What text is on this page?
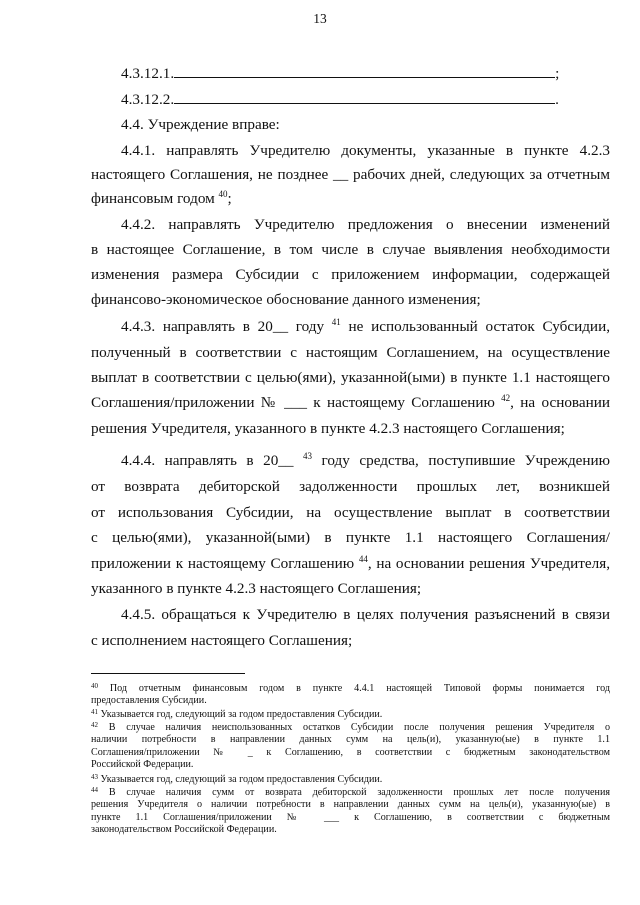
13
4.3.12.1.	;
4.3.12.2.	.
4.4. Учреждение вправе:
4.4.1. направлять Учредителю документы, указанные в пункте 4.2.3
настоящего Соглашения, не позднее __ рабочих дней, следующих за отчетным
финансовым годом $^{40}$;
4.4.2. направлять Учредителю предложения о внесении изменений
в настоящее Соглашение, в том числе в случае выявления необходимости
изменения размера Субсидии с приложением информации, содержащей
финансово-экономическое обоснование данного изменения;
4.4.3. направлять в 20__ году $^{41}$ не использованный остаток Субсидии,
полученный в соответствии с настоящим Соглашением, на осуществление
выплат в соответствии с целью(ями), указанной(ыми) в пункте 1.1 настоящего
Соглашения/приложении № ___ к настоящему Соглашению $^{42}$, на основании
решения Учредителя, указанного в пункте 4.2.3 настоящего Соглашения;
4.4.4. направлять в 20__ $^{43}$ году средства, поступившие Учреждению
от возврата дебиторской задолженности прошлых лет, возникшей
от использования Субсидии, на осуществление выплат в соответствии
с целью(ями), указанной(ыми) в пункте 1.1 настоящего Соглашения/
приложении к настоящему Соглашению $^{44}$, на основании решения Учредителя,
указанного в пункте 4.2.3 настоящего Соглашения;
4.4.5. обращаться к Учредителю в целях получения разъяснений в связи
с исполнением настоящего Соглашения;
$^{40}$ Под отчетным финансовым годом в пункте 4.4.1 настоящей Типовой формы понимается год
предоставления Субсидии.
$^{41}$ Указывается год, следующий за годом предоставления Субсидии.
$^{42}$ В случае наличия неиспользованных остатков Субсидии после получения решения Учредителя о
наличии потребности в направлении данных сумм на цель(и), указанную(ые) в пункте 1.1
Соглашения/приложении № _ к Соглашению, в соответствии с бюджетным законодательством
Российской Федерации.
$^{43}$ Указывается год, следующий за годом предоставления Субсидии.
$^{44}$ В случае наличия сумм от возврата дебиторской задолженности прошлых лет после получения
решения Учредителя о наличии потребности в направлении данных сумм на цель(и), указанную(ые) в
пункте 1.1 Соглашения/приложении № ___ к Соглашению, в соответствии с бюджетным
законодательством Российской Федерации.
